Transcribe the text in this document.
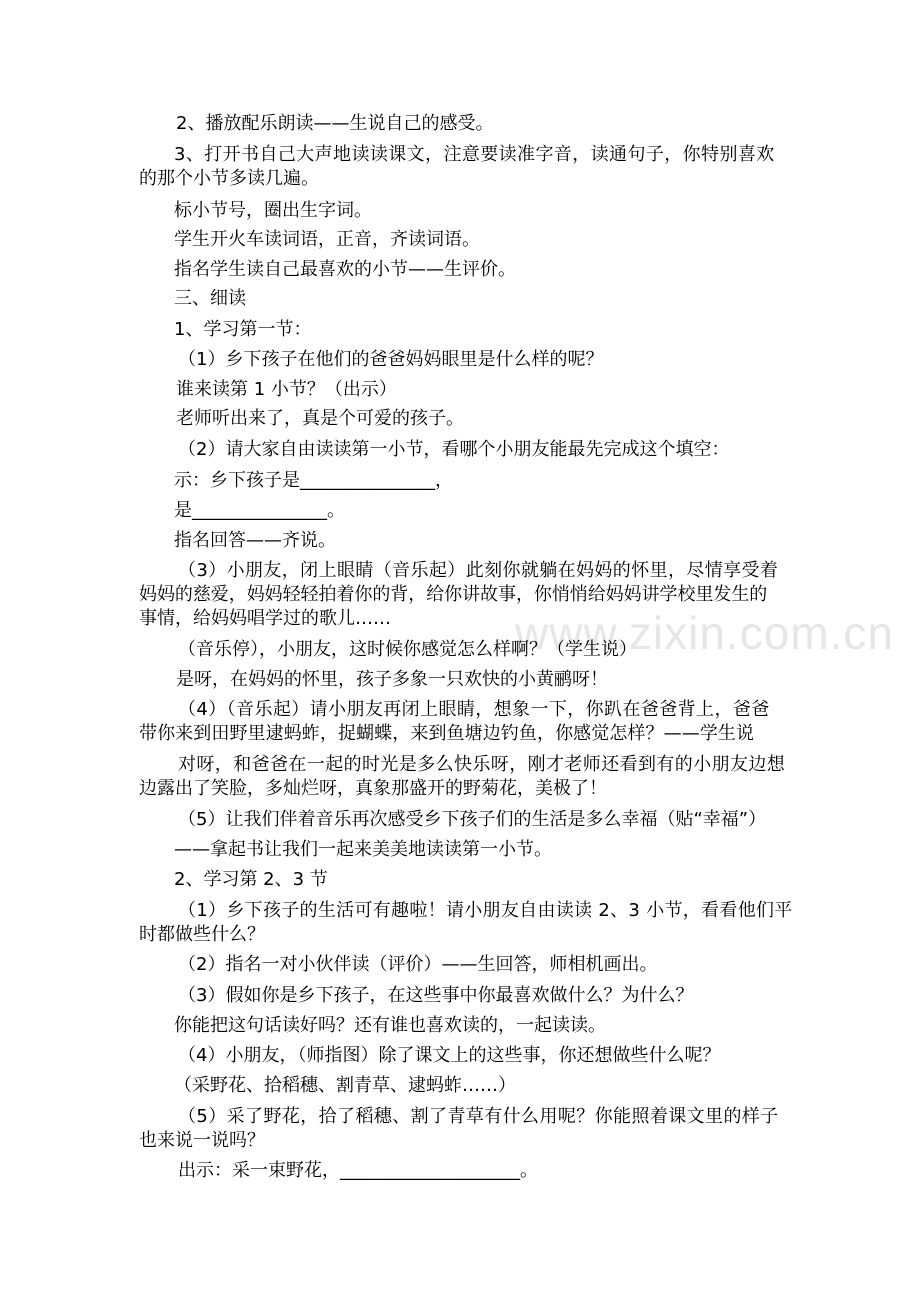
www.zixin.com.cn
2、播放配乐朗读——生说自己的感受。
3、打开书自己大声地读读课文，注意要读准字音，读通句子，你特别喜欢
的那个小节多读几遍。
标小节号，圈出生字词。
学生开火车读词语，正音，齐读词语。
指名学生读自己最喜欢的小节——生评价。
三、细读
1、学习第一节：
（1）乡下孩子在他们的爸爸妈妈眼里是什么样的呢？
谁来读第 1 小节？（出示）
老师听出来了，真是个可爱的孩子。
（2）请大家自由读读第一小节，看哪个小朋友能最先完成这个填空：
示：乡下孩子是_______________，
是_______________。
指名回答——齐说。
（3）小朋友，闭上眼睛（音乐起）此刻你就躺在妈妈的怀里，尽情享受着
妈妈的慈爱，妈妈轻轻拍着你的背，给你讲故事，你悄悄给妈妈讲学校里发生的
事情，给妈妈唱学过的歌儿……
（音乐停），小朋友，这时候你感觉怎么样啊？（学生说）
是呀，在妈妈的怀里，孩子多象一只欢快的小黄鹂呀！
（4）（音乐起）请小朋友再闭上眼睛，想象一下，你趴在爸爸背上，爸爸
带你来到田野里逮蚂蚱，捉蝴蝶，来到鱼塘边钓鱼，你感觉怎样？——学生说
对呀，和爸爸在一起的时光是多么快乐呀，刚才老师还看到有的小朋友边想
边露出了笑脸，多灿烂呀，真象那盛开的野菊花，美极了！
（5）让我们伴着音乐再次感受乡下孩子们的生活是多么幸福（贴“幸福”）
——拿起书让我们一起来美美地读读第一小节。
2、学习第 2、3 节
（1）乡下孩子的生活可有趣啦！请小朋友自由读读 2、3 小节，看看他们平
时都做些什么？
（2）指名一对小伙伴读（评价）——生回答，师相机画出。
（3）假如你是乡下孩子，在这些事中你最喜欢做什么？为什么？
你能把这句话读好吗？还有谁也喜欢读的，一起读读。
（4）小朋友，（师指图）除了课文上的这些事，你还想做些什么呢？
（采野花、拾稻穗、割青草、逮蚂蚱……）
（5）采了野花，拾了稻穗、割了青草有什么用呢？你能照着课文里的样子
也来说一说吗？
出示：采一束野花，____________________。
